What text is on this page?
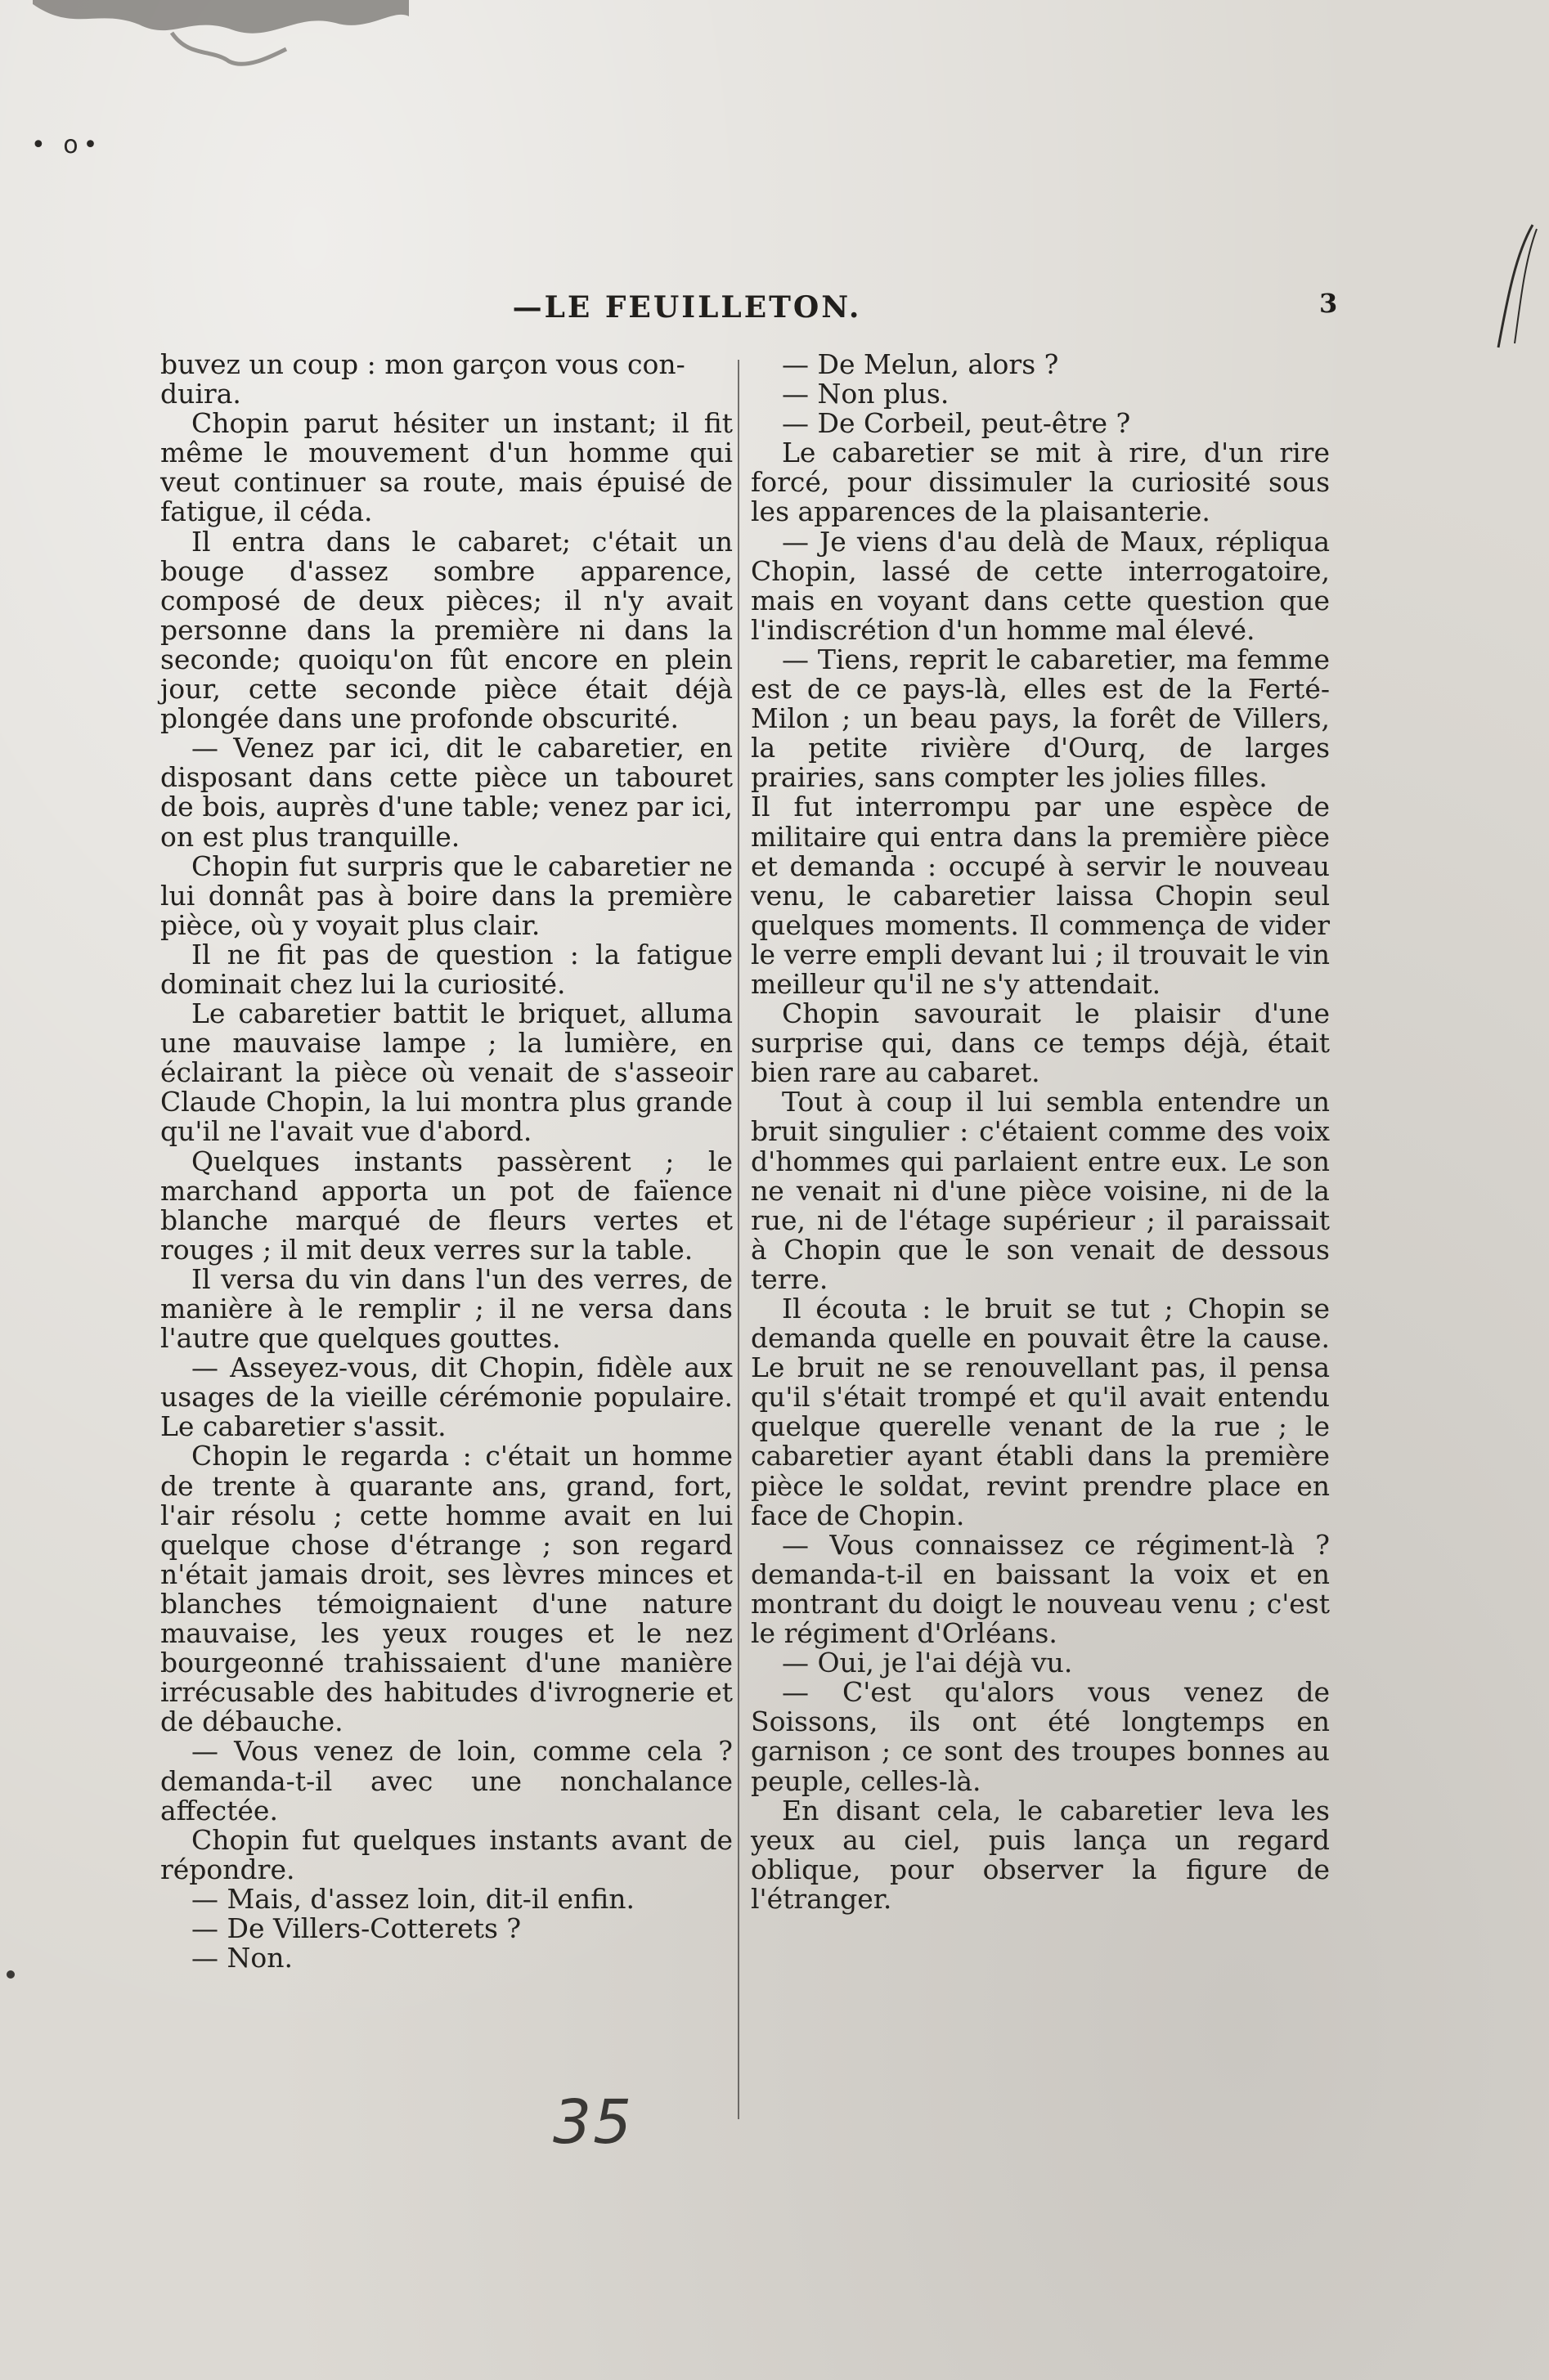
• o•
—LE FEUILLETON.	3

buvez un coup : mon garçon vous con-

duira.

Chopin parut hésiter un instant; il fit même le mouvement d'un homme qui veut continuer sa route, mais épuisé de fatigue, il céda.

Il entra dans le cabaret; c'était un bouge d'assez sombre apparence, composé de deux pièces; il n'y avait personne dans la première ni dans la seconde; quoiqu'on fût encore en plein jour, cette seconde pièce était déjà plongée dans une profonde obscurité.

— Venez par ici, dit le cabaretier, en disposant dans cette pièce un tabouret de bois, auprès d'une table; venez par ici, on est plus tranquille.

Chopin fut surpris que le cabaretier ne lui donnât pas à boire dans la première pièce, où y voyait plus clair.

Il ne fit pas de question : la fatigue dominait chez lui la curiosité.

Le cabaretier battit le briquet, alluma une mauvaise lampe ; la lumière, en éclairant la pièce où venait de s'asseoir Claude Chopin, la lui montra plus grande qu'il ne l'avait vue d'abord.

Quelques instants passèrent ; le marchand apporta un pot de faïence blanche marqué de fleurs vertes et rouges ; il mit deux verres sur la table.

Il versa du vin dans l'un des verres, de manière à le remplir ; il ne versa dans l'autre que quelques gouttes.

— Asseyez-vous, dit Chopin, fidèle aux usages de la vieille cérémonie populaire. Le cabaretier s'assit.

Chopin le regarda : c'était un homme de trente à quarante ans, grand, fort, l'air résolu ; cette homme avait en lui quelque chose d'étrange ; son regard n'était jamais droit, ses lèvres minces et blanches témoignaient d'une nature mauvaise, les yeux rouges et le nez bourgeonné trahissaient d'une manière irrécusable des habitudes d'ivrognerie et de débauche.

— Vous venez de loin, comme cela ? demanda-t-il avec une nonchalance affectée.

Chopin fut quelques instants avant de répondre.

— Mais, d'assez loin, dit-il enfin.

— De Villers-Cotterets ?

— Non.

— De Melun, alors ?

— Non plus.

— De Corbeil, peut-être ?

Le cabaretier se mit à rire, d'un rire forcé, pour dissimuler la curiosité sous les apparences de la plaisanterie.

— Je viens d'au delà de Maux, répliqua Chopin, lassé de cette interrogatoire, mais en voyant dans cette question que l'indiscrétion d'un homme mal élevé.

— Tiens, reprit le cabaretier, ma femme est de ce pays-là, elles est de la Ferté-Milon ; un beau pays, la forêt de Villers, la petite rivière d'Ourq, de larges prairies, sans compter les jolies filles.

Il fut interrompu par une espèce de militaire qui entra dans la première pièce et demanda : occupé à servir le nouveau venu, le cabaretier laissa Chopin seul quelques moments. Il commença de vider le verre empli devant lui ; il trouvait le vin meilleur qu'il ne s'y attendait.

Chopin savourait le plaisir d'une surprise qui, dans ce temps déjà, était bien rare au cabaret.

Tout à coup il lui sembla entendre un bruit singulier : c'étaient comme des voix d'hommes qui parlaient entre eux. Le son ne venait ni d'une pièce voisine, ni de la rue, ni de l'étage supérieur ; il paraissait à Chopin que le son venait de dessous terre.

Il écouta : le bruit se tut ; Chopin se demanda quelle en pouvait être la cause. Le bruit ne se renouvellant pas, il pensa qu'il s'était trompé et qu'il avait entendu quelque querelle venant de la rue ; le cabaretier ayant établi dans la première pièce le soldat, revint prendre place en face de Chopin.

— Vous connaissez ce régiment-là ? demanda-t-il en baissant la voix et en montrant du doigt le nouveau venu ; c'est le régiment d'Orléans.

— Oui, je l'ai déjà vu.

— C'est qu'alors vous venez de Soissons, ils ont été longtemps en garnison ; ce sont des troupes bonnes au peuple, celles-là.

En disant cela, le cabaretier leva les yeux au ciel, puis lança un regard oblique, pour observer la figure de l'étranger.

35
